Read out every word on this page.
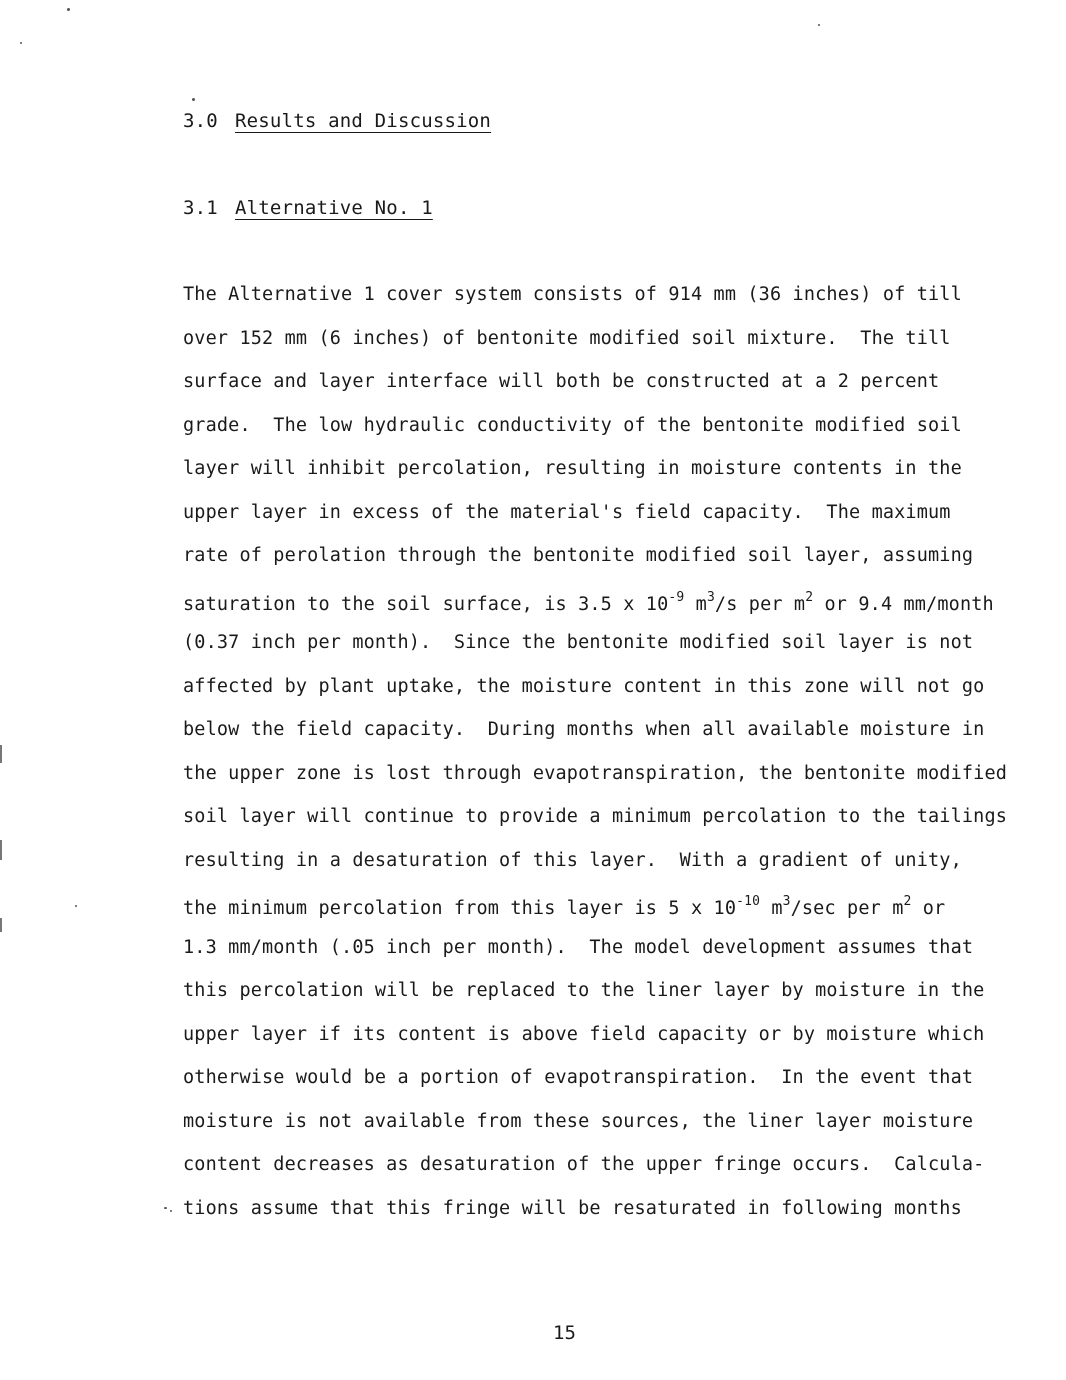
3.0 Results and Discussion
3.1 Alternative No. 1
The Alternative 1 cover system consists of 914 mm (36 inches) of till
over 152 mm (6 inches) of bentonite modified soil mixture.  The till
surface and layer interface will both be constructed at a 2 percent
grade.  The low hydraulic conductivity of the bentonite modified soil
layer will inhibit percolation, resulting in moisture contents in the
upper layer in excess of the material's field capacity.  The maximum
rate of perolation through the bentonite modified soil layer, assuming
saturation to the soil surface, is 3.5 x $10^{-9}$ $m^3/s$ per $m^2$ or 9.4 mm/month
(0.37 inch per month).  Since the bentonite modified soil layer is not
affected by plant uptake, the moisture content in this zone will not go
below the field capacity.  During months when all available moisture in
the upper zone is lost through evapotranspiration, the bentonite modified
soil layer will continue to provide a minimum percolation to the tailings
resulting in a desaturation of this layer.  With a gradient of unity,
the minimum percolation from this layer is 5 x $10^{-10}$ $m^3/\sec$ per $m^2$ or
1.3 mm/month (.05 inch per month).  The model development assumes that
this percolation will be replaced to the liner layer by moisture in the
upper layer if its content is above field capacity or by moisture which
otherwise would be a portion of evapotranspiration.  In the event that
moisture is not available from these sources, the liner layer moisture
content decreases as desaturation of the upper fringe occurs.  Calcula-
tions assume that this fringe will be resaturated in following months
15
